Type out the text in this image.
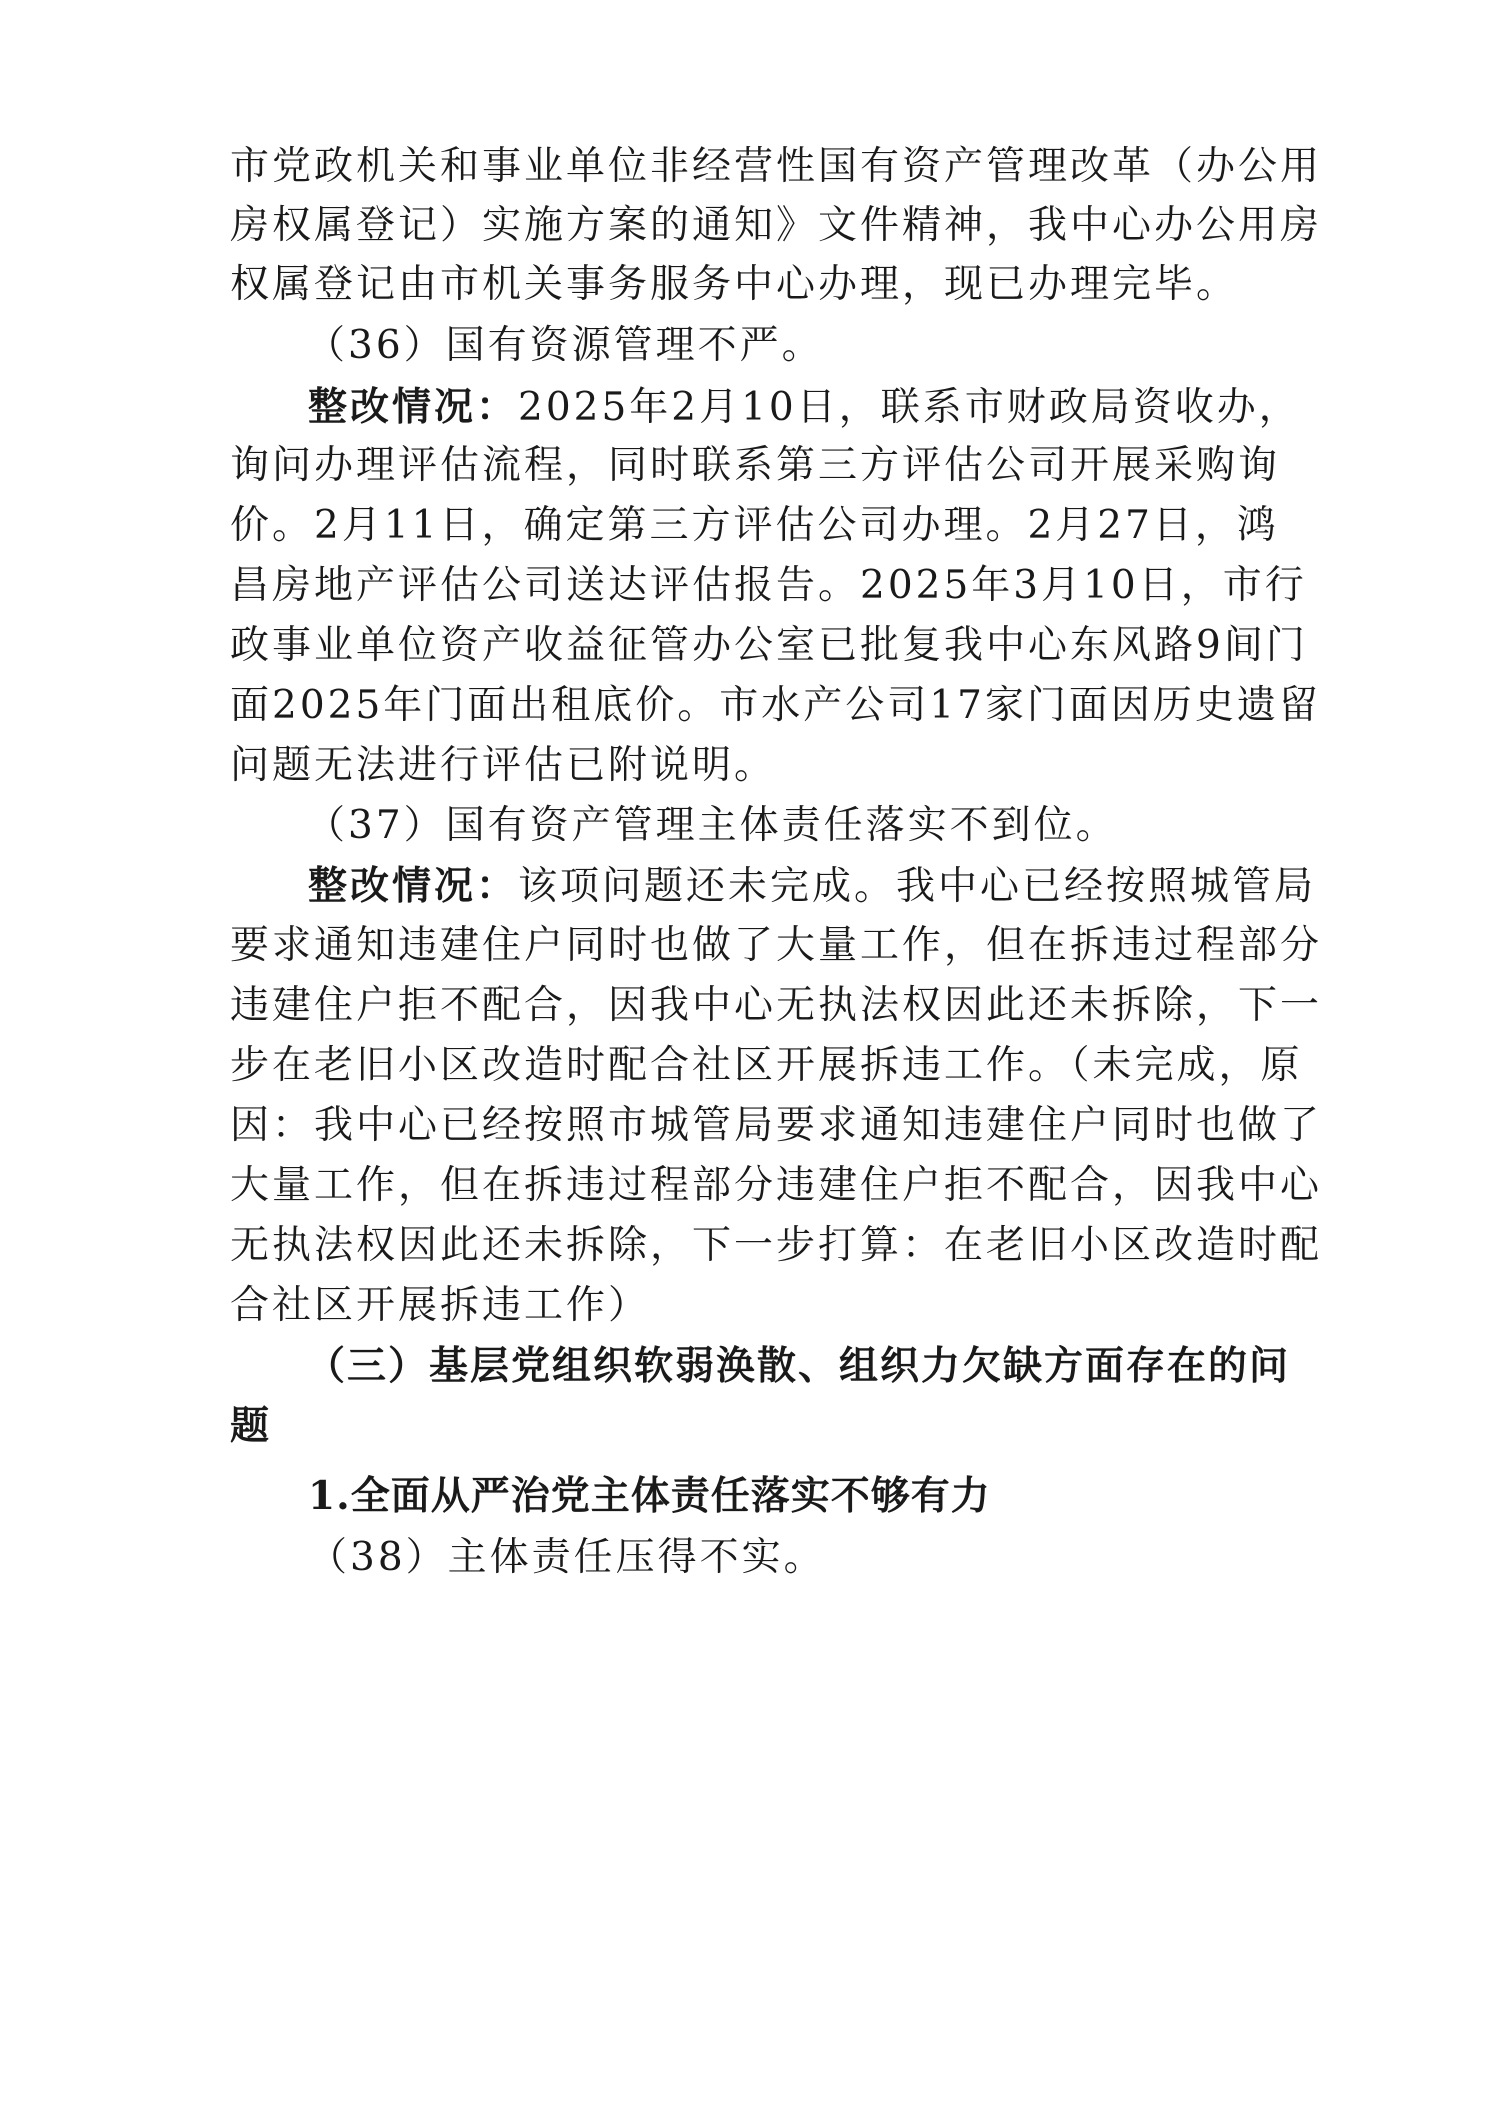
市党政机关和事业单位非经营性国有资产管理改革（办公用
房权属登记）实施方案的通知》文件精神，我中心办公用房
权属登记由市机关事务服务中心办理，现已办理完毕。
（36）国有资源管理不严。
整改情况：2025年2月10日，联系市财政局资收办，
询问办理评估流程，同时联系第三方评估公司开展采购询
价。2月11日，确定第三方评估公司办理。2月27日，鸿
昌房地产评估公司送达评估报告。2025年3月10日，市行
政事业单位资产收益征管办公室已批复我中心东风路9间门
面2025年门面出租底价。市水产公司17家门面因历史遗留
问题无法进行评估已附说明。
（37）国有资产管理主体责任落实不到位。
整改情况：该项问题还未完成。我中心已经按照城管局
要求通知违建住户同时也做了大量工作，但在拆违过程部分
违建住户拒不配合，因我中心无执法权因此还未拆除，下一
步在老旧小区改造时配合社区开展拆违工作。（未完成，原
因：我中心已经按照市城管局要求通知违建住户同时也做了
大量工作，但在拆违过程部分违建住户拒不配合，因我中心
无执法权因此还未拆除，下一步打算：在老旧小区改造时配
合社区开展拆违工作）
（三）基层党组织软弱涣散、组织力欠缺方面存在的问
题
1.全面从严治党主体责任落实不够有力
（38）主体责任压得不实。
